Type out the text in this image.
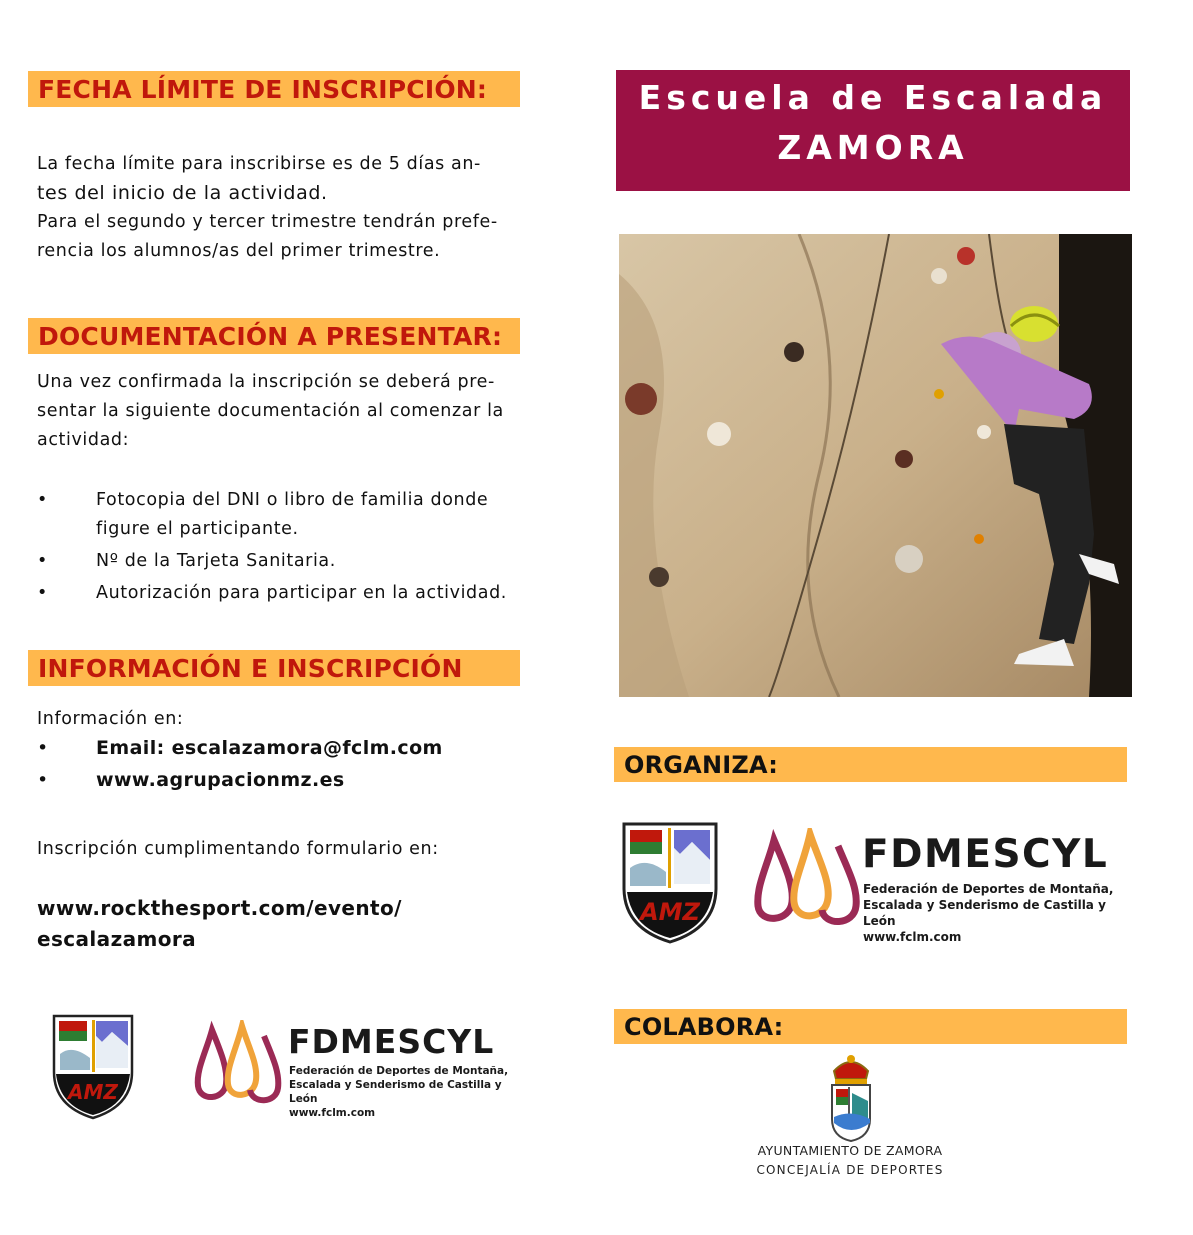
FECHA LÍMITE DE INSCRIPCIÓN:
La fecha límite para inscribirse es de 5 días an-
tes del inicio de la actividad.
Para el segundo y tercer trimestre tendrán prefe-
rencia los alumnos/as del primer trimestre.
DOCUMENTACIÓN A PRESENTAR:
Una vez confirmada la inscripción se deberá pre-
sentar la siguiente documentación al comenzar la
actividad:
•	Fotocopia del DNI o libro de familia donde
figure el participante.
•	Nº de la Tarjeta Sanitaria.
•	Autorización para participar en la actividad.
INFORMACIÓN E INSCRIPCIÓN
Información en:
• Email: escalazamora@fclm.com
• www.agrupacionmz.es
Inscripción cumplimentando formulario en:
www.rockthesport.com/evento/
escalazamora
AMZ
FDMESCYL
Federación de Deportes de Montaña,
Escalada y Senderismo de Castilla y León
www.fclm.com
Escuela de Escalada
ZAMORA
ORGANIZA:
AMZ
FDMESCYL
Federación de Deportes de Montaña,
Escalada y Senderismo de Castilla y León
www.fclm.com
COLABORA:
AYUNTAMIENTO DE ZAMORA
CONCEJALÍA DE DEPORTES
